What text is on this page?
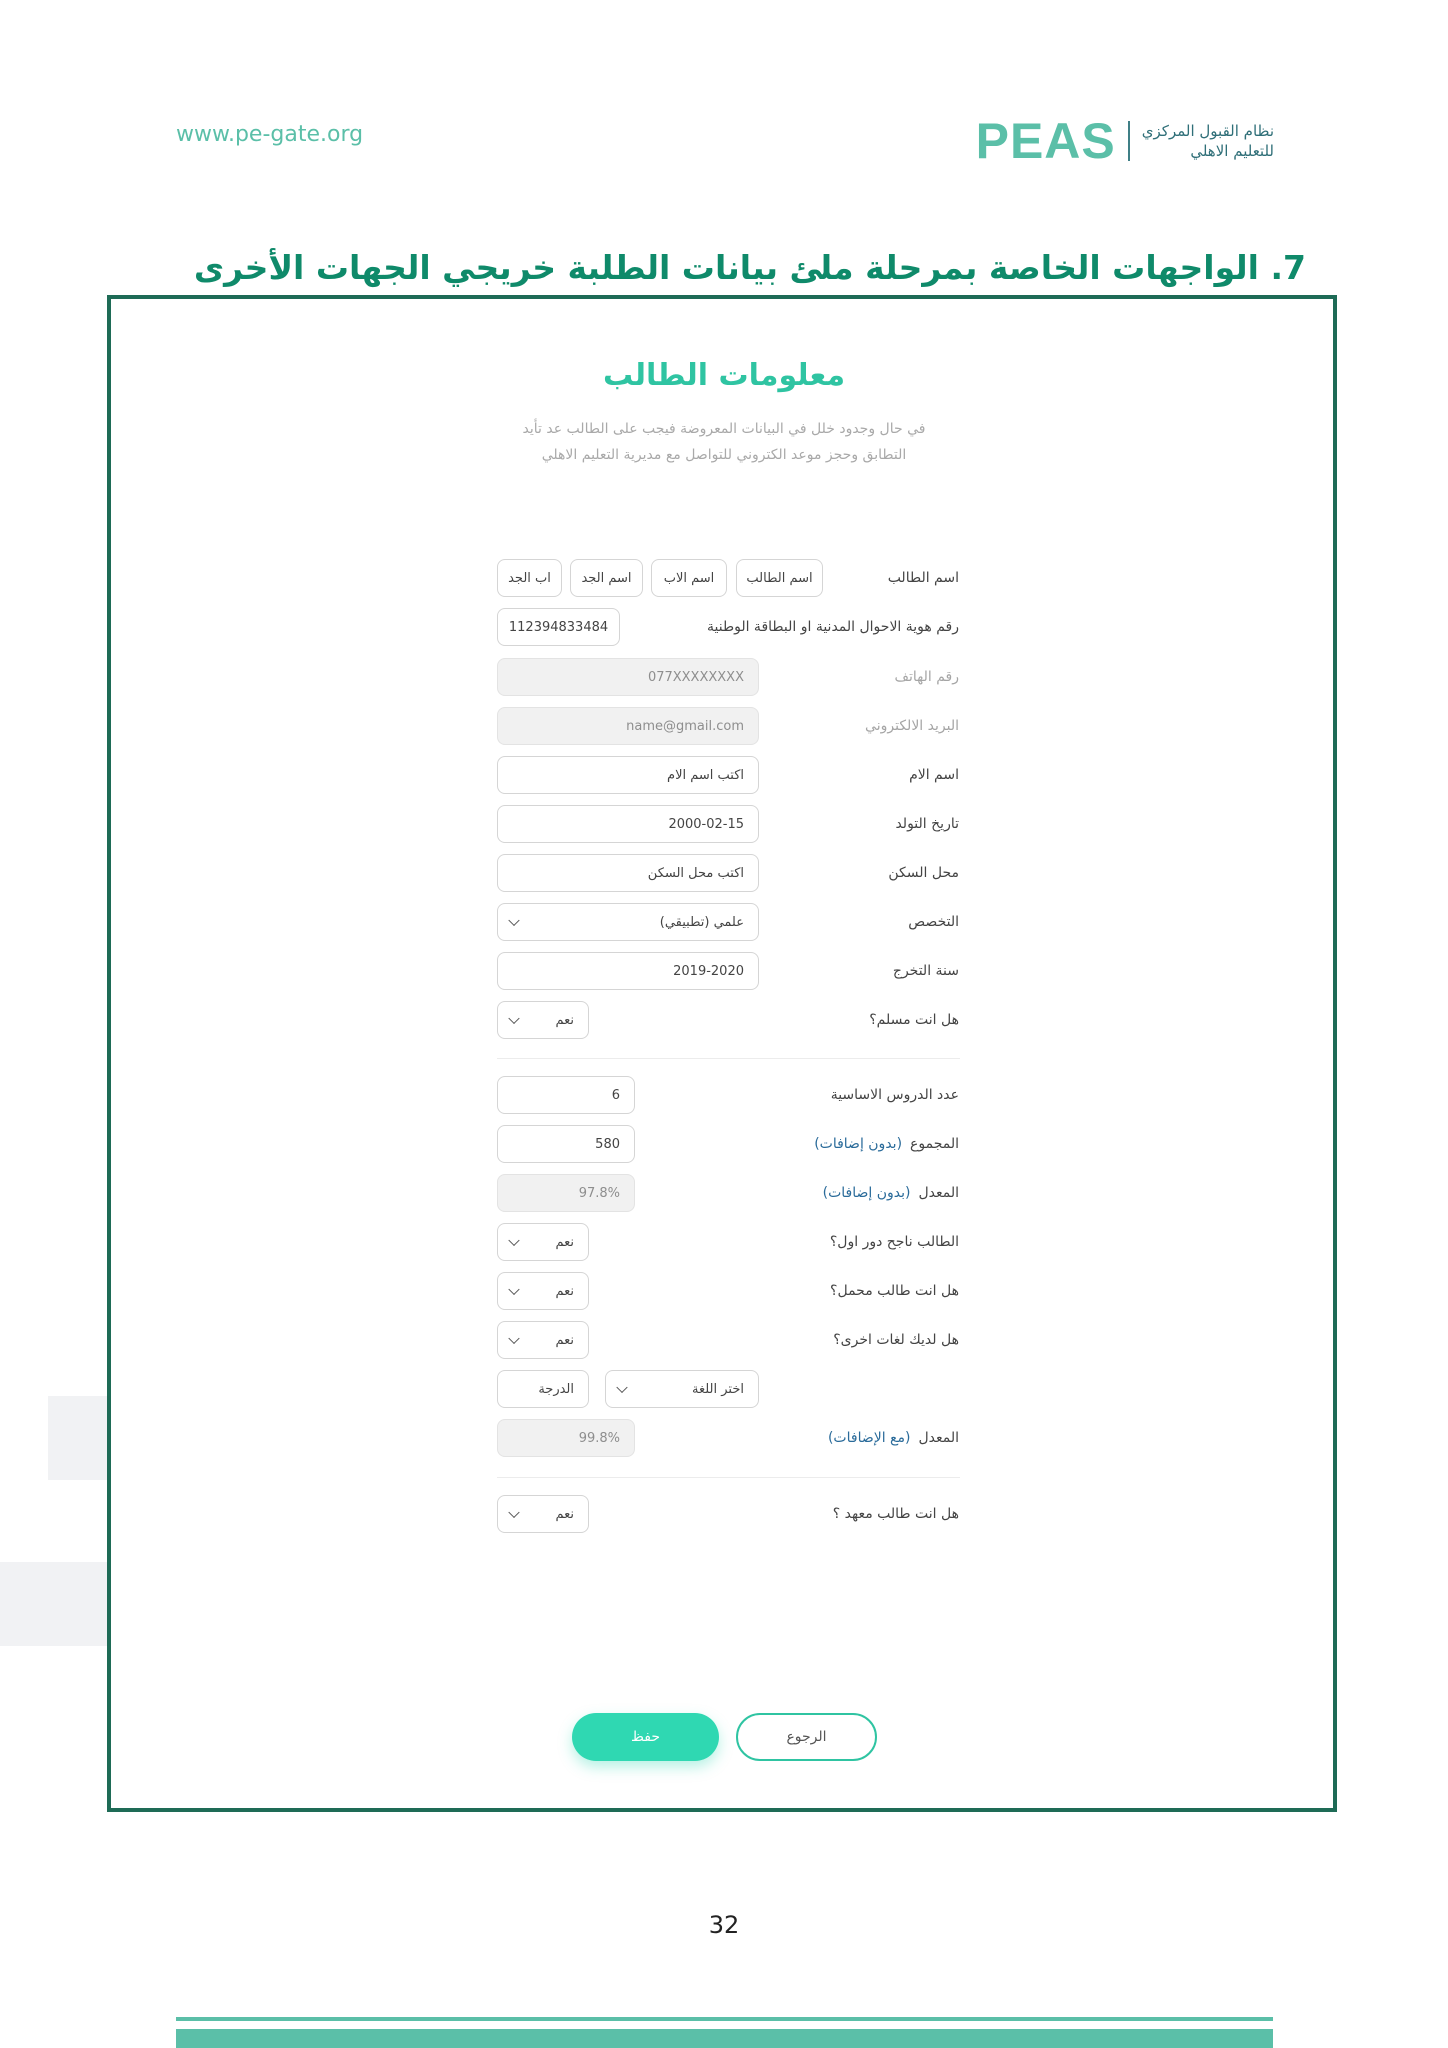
www.pe-gate.org	PEAS نظام القبول المركزي
للتعليم الاهلي
7. الواجهات الخاصة بمرحلة ملئ بيانات الطلبة خريجي الجهات الأخرى
معلومات الطالب
في حال وجدود خلل في البيانات المعروضة فيجب على الطالب عد تأيد
التطابق وحجز موعد الكتروني للتواصل مع مديرية التعليم الاهلي
اسم الطالب
اسم الطالب
اسم الاب
اسم الجد
اب الجد
رقم هوية الاحوال المدنية او البطاقة الوطنية
112394833484
رقم الهاتف
077XXXXXXXX
البريد الالكتروني
name@gmail.com
اسم الام
اكتب اسم الام
تاريخ التولد
2000-02-15
محل السكن
اكتب محل السكن
التخصص
علمي (تطبيقي)
سنة التخرج
2019-2020
هل انت مسلم؟
نعم
عدد الدروس الاساسية
6
المجموع(بدون إضافات)
580
المعدل(بدون إضافات)
97.8%
الطالب ناجح دور اول؟
نعم
هل انت طالب محمل؟
نعم
هل لديك لغات اخرى؟
نعم
اختر اللغة
الدرجة
المعدل(مع الإضافات)
99.8%
هل انت طالب معهد ؟
نعم
حفظ	الرجوع
32
